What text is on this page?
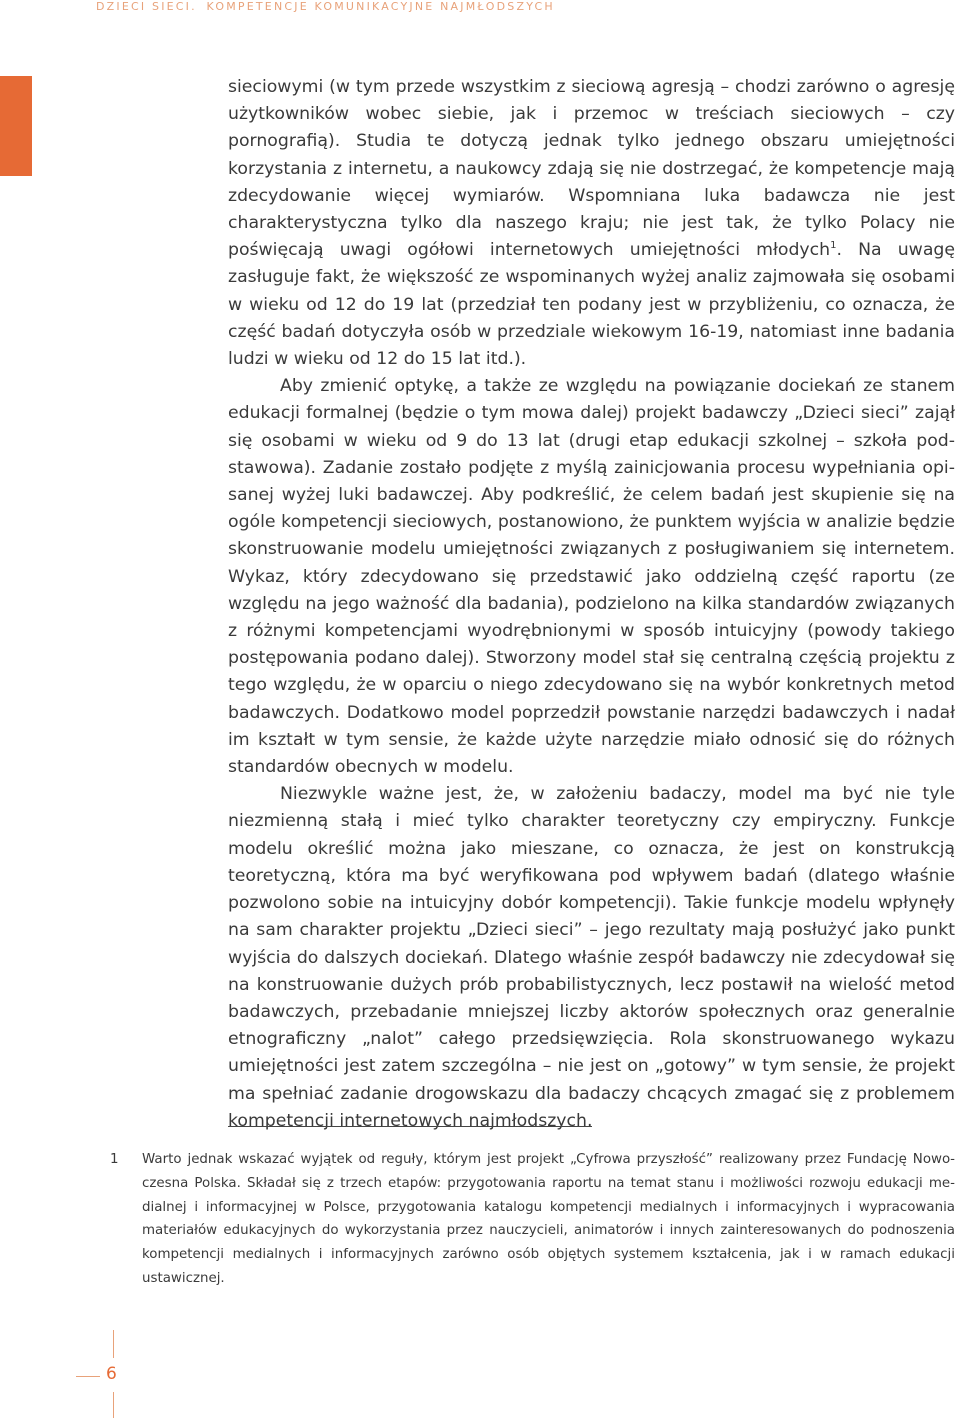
DZIECI SIECI. KOMPETENCJE KOMUNIKACYJNE NAJMŁODSZYCH

sieciowymi (w tym przede wszystkim z sieciową agresją – chodzi zarówno o agresję użytkowników wobec siebie, jak i przemoc w treściach sieciowych – czy pornografią). Studia te dotyczą jednak tylko jednego obszaru umiejętności korzystania z internetu, a naukowcy zdają się nie dostrzegać, że kompetencje mają zdecydowanie więcej wymiarów. Wspomniana luka badawcza nie jest charakterystyczna tylko dla naszego kraju; nie jest tak, że tylko Polacy nie poświęcają uwagi ogółowi internetowych umiejętności młodych$^1$. Na uwagę zasługuje fakt, że większość ze wspominanych wyżej analiz zajmowała się osobami w wieku od 12 do 19 lat (przedział ten podany jest w przybliżeniu, co oznacza, że część badań dotyczyła osób w przedziale wiekowym 16-19, natomiast inne badania ludzi w wieku od 12 do 15 lat itd.).

Aby zmienić optykę, a także ze względu na powiązanie dociekań ze stanem edukacji formalnej (będzie o tym mowa dalej) projekt badawczy „Dzieci sieci” zajął się osobami w wieku od 9 do 13 lat (drugi etap edukacji szkolnej – szkoła podstawowa). Zadanie zostało podjęte z myślą zainicjowania procesu wypełniania opisanej wyżej luki badawczej. Aby podkreślić, że celem badań jest skupienie się na ogóle kompetencji sieciowych, postanowiono, że punktem wyjścia w analizie będzie skonstruowanie modelu umiejętności związanych z posługiwaniem się internetem. Wykaz, który zdecydowano się przedstawić jako oddzielną część raportu (ze względu na jego ważność dla badania), podzielono na kilka standardów związanych z różnymi kompetencjami wyodrębnionymi w sposób intuicyjny (powody takiego postępowania podano dalej). Stworzony model stał się centralną częścią projektu z tego względu, że w oparciu o niego zdecydowano się na wybór konkretnych metod badawczych. Dodatkowo model poprzedził powstanie narzędzi badawczych i nadał im kształt w tym sensie, że każde użyte narzędzie miało odnosić się do różnych standardów obecnych w modelu.

Niezwykle ważne jest, że, w założeniu badaczy, model ma być nie tyle niezmienną stałą i mieć tylko charakter teoretyczny czy empiryczny. Funkcje modelu określić można jako mieszane, co oznacza, że jest on konstrukcją teoretyczną, która ma być weryfikowana pod wpływem badań (dlatego właśnie pozwolono sobie na intuicyjny dobór kompetencji). Takie funkcje modelu wpłynęły na sam charakter projektu „Dzieci sieci” – jego rezultaty mają posłużyć jako punkt wyjścia do dalszych dociekań. Dlatego właśnie zespół badawczy nie zdecydował się na konstruowanie dużych prób probabilistycznych, lecz postawił na wielość metod badawczych, przebadanie mniejszej liczby aktorów społecznych oraz generalnie etnograficzny „nalot” całego przedsięwzięcia. Rola skonstruowanego wykazu umiejętności jest zatem szczególna – nie jest on „gotowy” w tym sensie, że projekt ma spełniać zadanie drogowskazu dla badaczy chcących zmagać się z problemem kompetencji internetowych najmłodszych.

1 Warto jednak wskazać wyjątek od reguły, którym jest projekt „Cyfrowa przyszłość” realizowany przez Fundację Nowoczesna Polska. Składał się z trzech etapów: przygotowania raportu na temat stanu i możliwości rozwoju edukacji medialnej i informacyjnej w Polsce, przygotowania katalogu kompetencji medialnych i informacyjnych i wypracowania materiałów edukacyjnych do wykorzystania przez nauczycieli, animatorów i innych zainteresowanych do podnoszenia kompetencji medialnych i informacyjnych zarówno osób objętych systemem kształcenia, jak i w ramach edukacji ustawicznej.
6
